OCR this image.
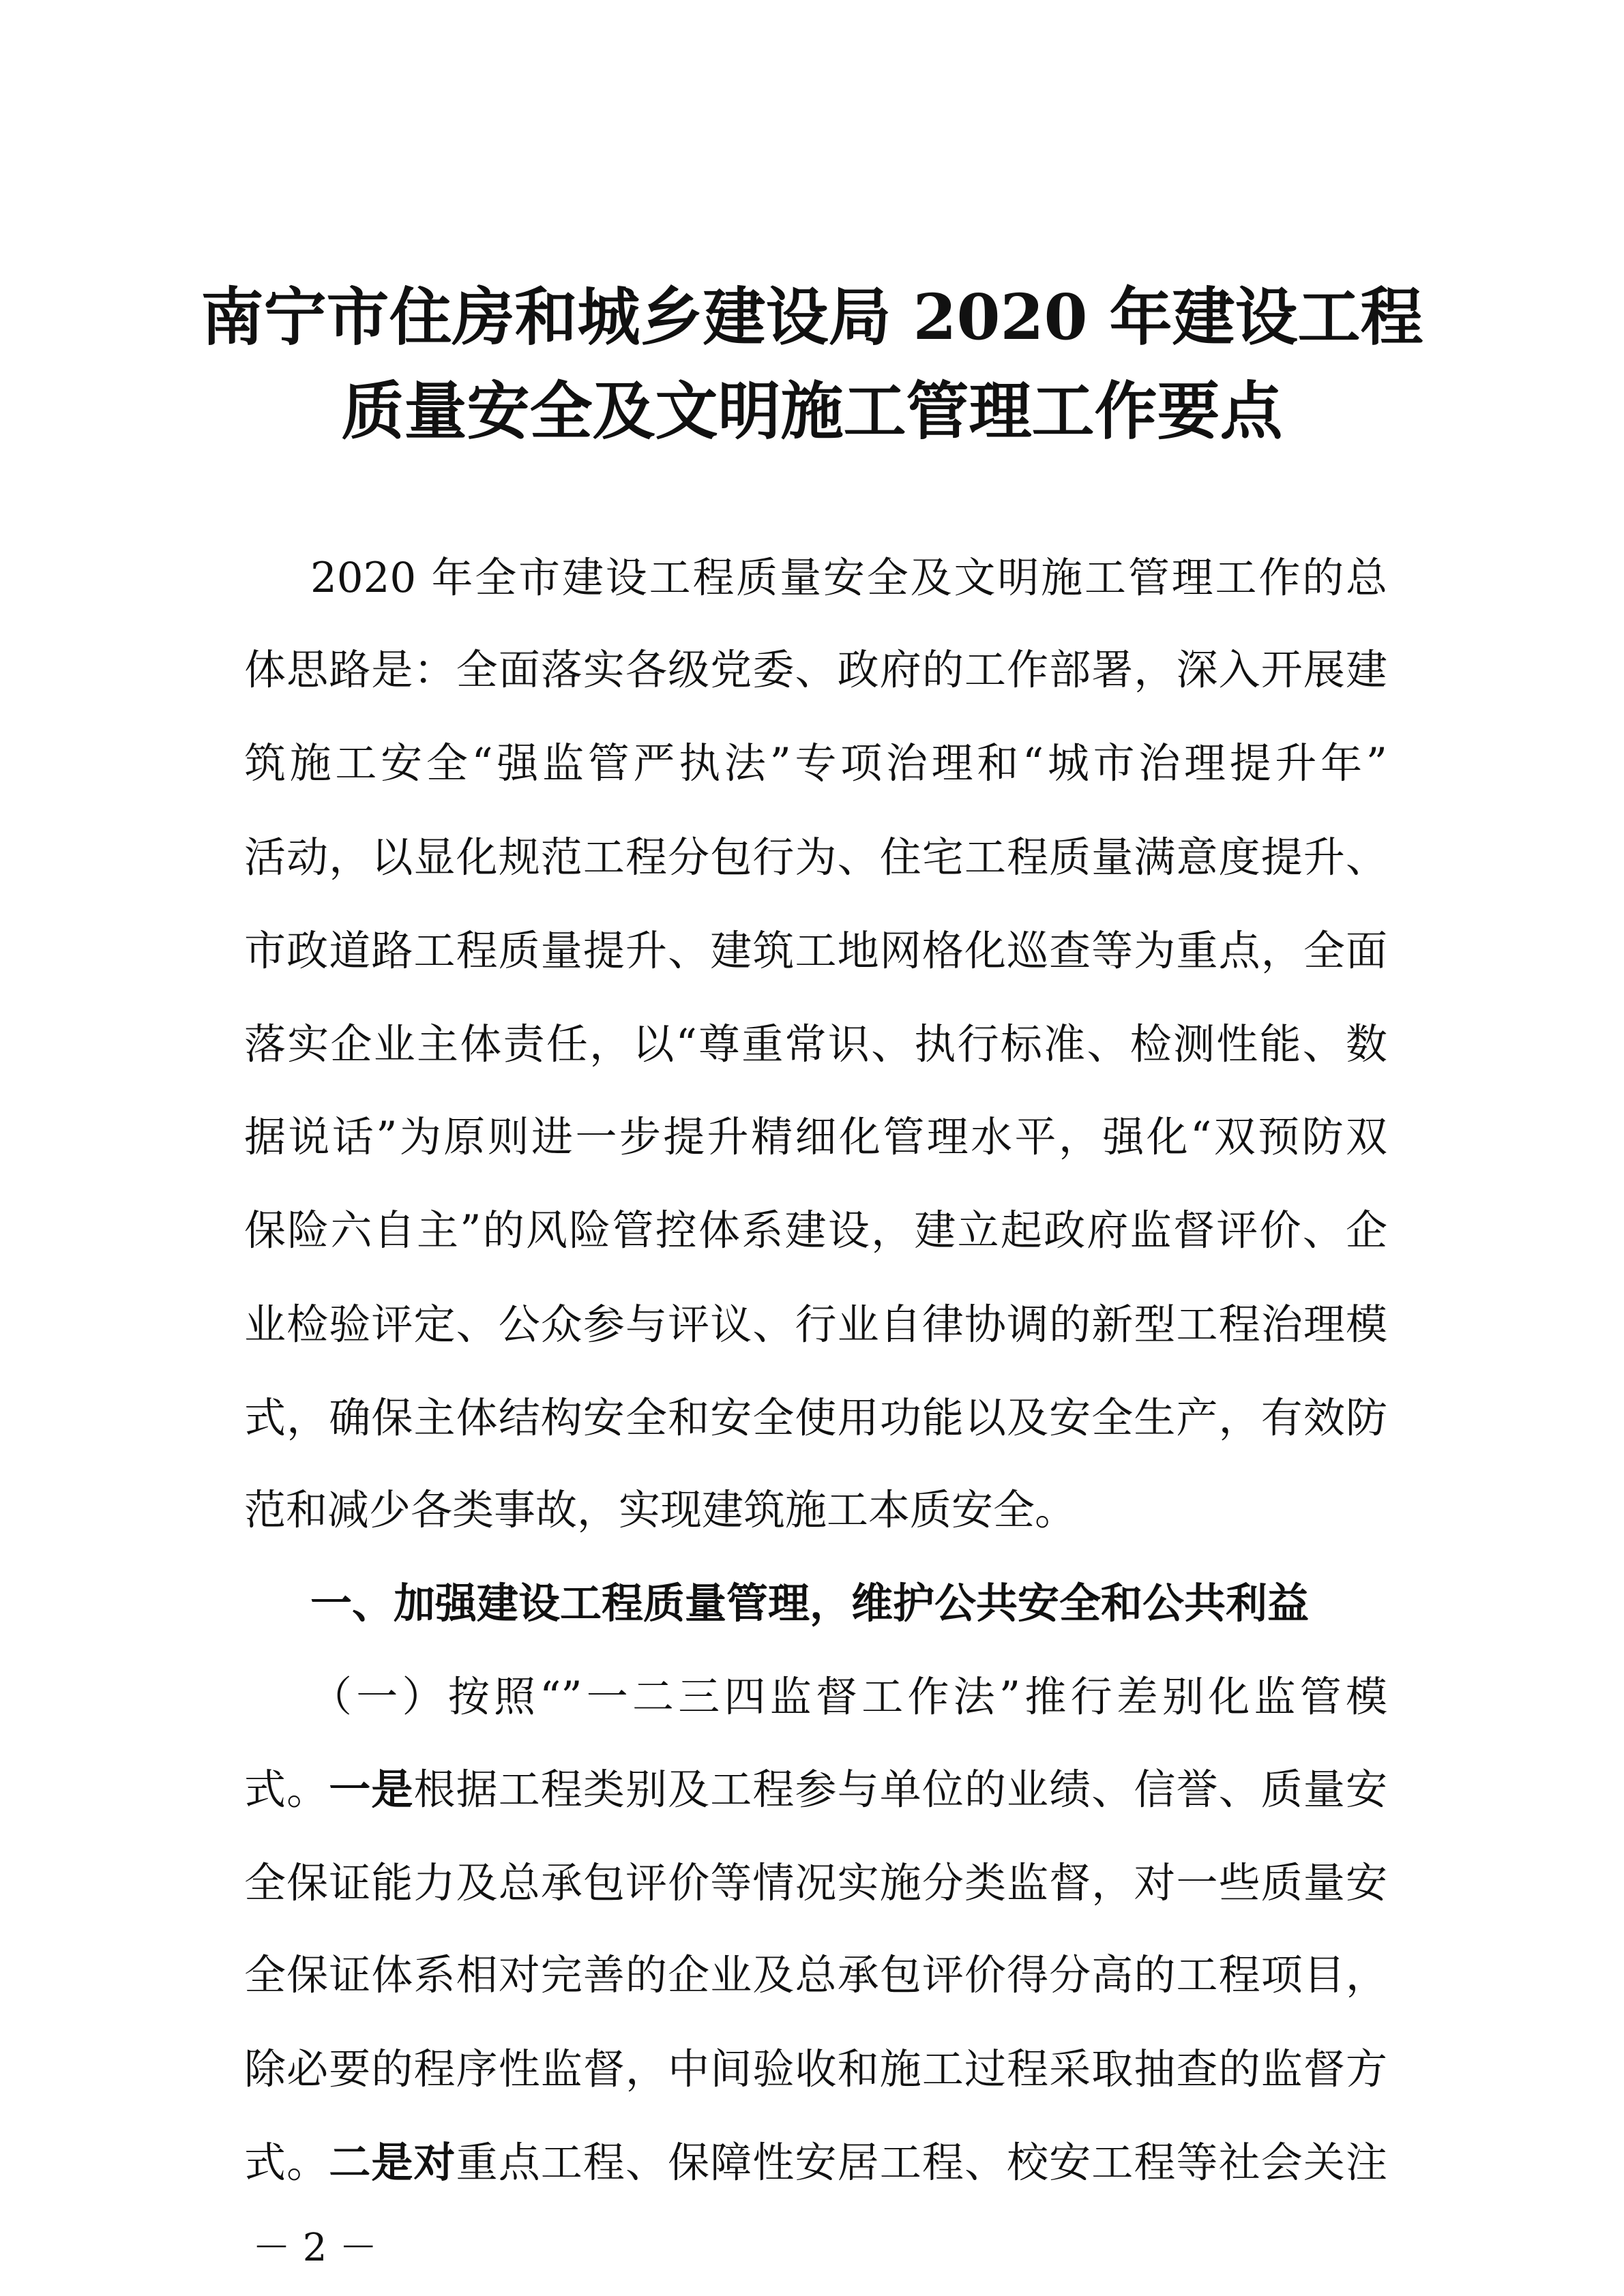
南宁市住房和城乡建设局 2020 年建设工程
质量安全及文明施工管理工作要点
2020 年全市建设工程质量安全及文明施工管理工作的总
体思路是：全面落实各级党委、政府的工作部署，深入开展建
筑施工安全“强监管严执法”专项治理和“城市治理提升年”
活动，以显化规范工程分包行为、住宅工程质量满意度提升、
市政道路工程质量提升、建筑工地网格化巡查等为重点，全面
落实企业主体责任，以“尊重常识、执行标准、检测性能、数
据说话”为原则进一步提升精细化管理水平，强化“双预防双
保险六自主”的风险管控体系建设，建立起政府监督评价、企
业检验评定、公众参与评议、行业自律协调的新型工程治理模
式，确保主体结构安全和安全使用功能以及安全生产，有效防
范和减少各类事故，实现建筑施工本质安全。
一、加强建设工程质量管理，维护公共安全和公共利益
（一）按照“”一二三四监督工作法”推行差别化监管模
式。一是根据工程类别及工程参与单位的业绩、信誉、质量安
全保证能力及总承包评价等情况实施分类监督，对一些质量安
全保证体系相对完善的企业及总承包评价得分高的工程项目，
除必要的程序性监督，中间验收和施工过程采取抽查的监督方
式。二是对重点工程、保障性安居工程、校安工程等社会关注
－ 2 －
